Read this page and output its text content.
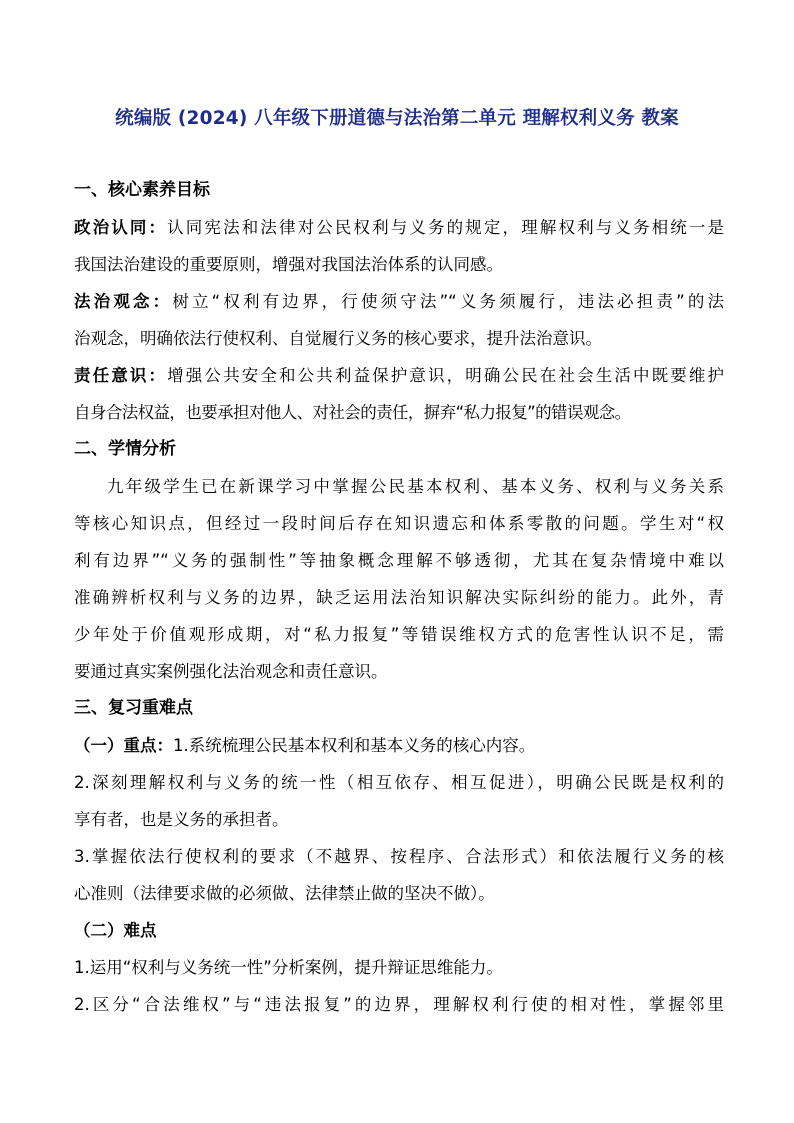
统编版 (2024) 八年级下册道德与法治第二单元 理解权利义务 教案
一、核心素养目标
政治认同：认同宪法和法律对公民权利与义务的规定，理解权利与义务相统一是
我国法治建设的重要原则，增强对我国法治体系的认同感。
法治观念：树立“权利有边界，行使须守法”“义务须履行，违法必担责”的法
治观念，明确依法行使权利、自觉履行义务的核心要求，提升法治意识。
责任意识：增强公共安全和公共利益保护意识，明确公民在社会生活中既要维护
自身合法权益，也要承担对他人、对社会的责任，摒弃“私力报复”的错误观念。
二、学情分析
九年级学生已在新课学习中掌握公民基本权利、基本义务、权利与义务关系
等核心知识点，但经过一段时间后存在知识遗忘和体系零散的问题。学生对“权
利有边界”“义务的强制性”等抽象概念理解不够透彻，尤其在复杂情境中难以
准确辨析权利与义务的边界，缺乏运用法治知识解决实际纠纷的能力。此外，青
少年处于价值观形成期，对“私力报复”等错误维权方式的危害性认识不足，需
要通过真实案例强化法治观念和责任意识。
三、复习重难点
（一）重点：1.系统梳理公民基本权利和基本义务的核心内容。
2.深刻理解权利与义务的统一性（相互依存、相互促进），明确公民既是权利的
享有者，也是义务的承担者。
3.掌握依法行使权利的要求（不越界、按程序、合法形式）和依法履行义务的核
心准则（法律要求做的必须做、法律禁止做的坚决不做）。
（二）难点
1.运用“权利与义务统一性”分析案例，提升辩证思维能力。
2.区分“合法维权”与“违法报复”的边界，理解权利行使的相对性，掌握邻里
